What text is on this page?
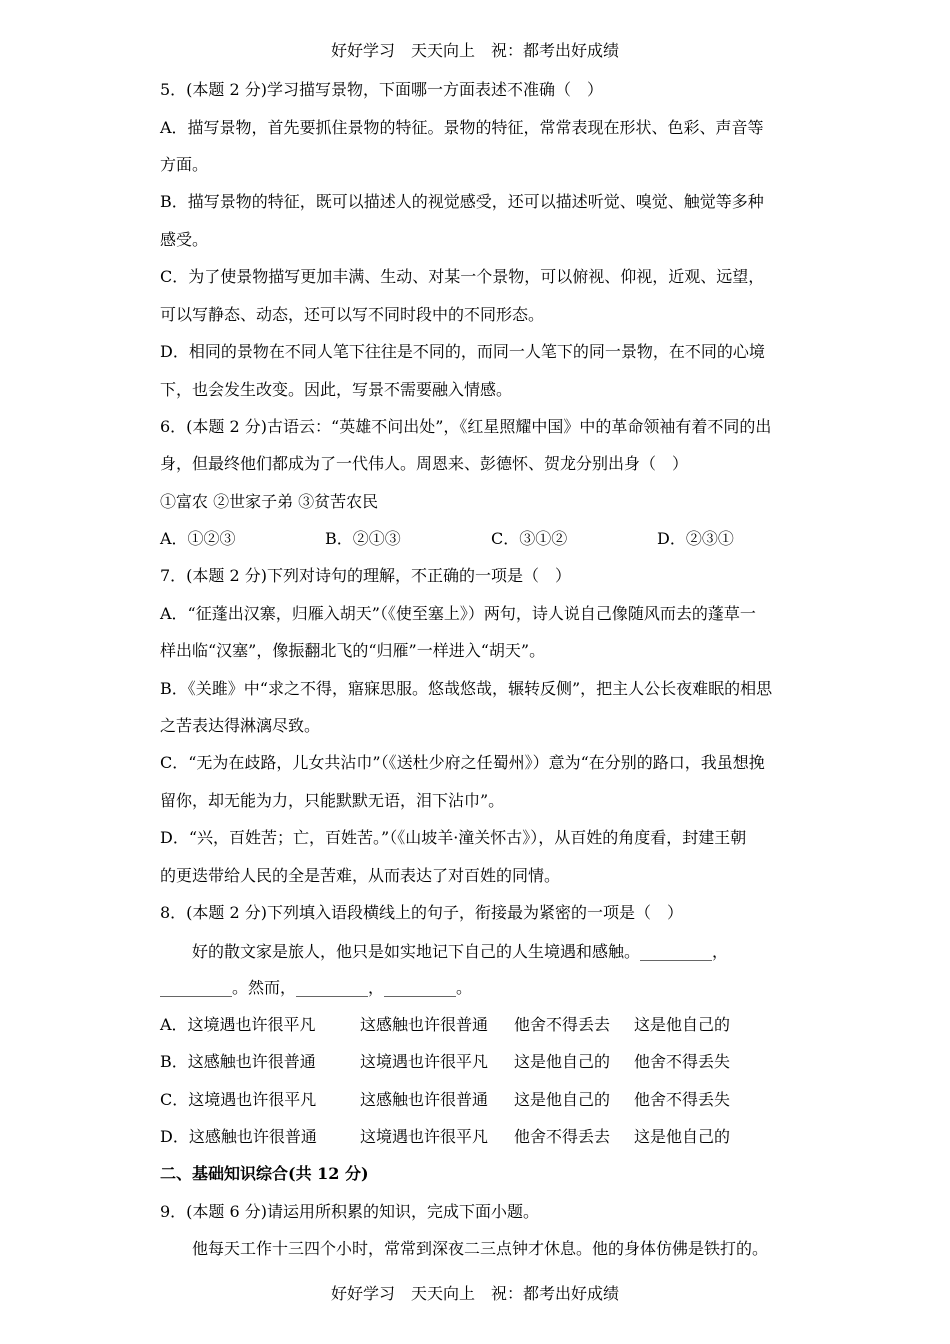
好好学习　天天向上　祝：都考出好成绩
5．(本题 2 分)学习描写景物，下面哪一方面表述不准确（　）
A．描写景物，首先要抓住景物的特征。景物的特征，常常表现在形状、色彩、声音等
方面。
B．描写景物的特征，既可以描述人的视觉感受，还可以描述听觉、嗅觉、触觉等多种
感受。
C．为了使景物描写更加丰满、生动、对某一个景物，可以俯视、仰视，近观、远望，
可以写静态、动态，还可以写不同时段中的不同形态。
D．相同的景物在不同人笔下往往是不同的，而同一人笔下的同一景物，在不同的心境
下，也会发生改变。因此，写景不需要融入情感。
6．(本题 2 分)古语云：“英雄不问出处”，《红星照耀中国》中的革命领袖有着不同的出
身，但最终他们都成为了一代伟人。周恩来、彭德怀、贺龙分别出身（　）
①富农 ②世家子弟 ③贫苦农民
A．①②③	B．②①③	C．③①②	D．②③①
7．(本题 2 分)下列对诗句的理解，不正确的一项是（　）
A．“征蓬出汉寨，归雁入胡天”（《使至塞上》）两句，诗人说自己像随风而去的蓬草一
样出临“汉塞”，像振翻北飞的“归雁”一样进入“胡天”。
B．《关雎》中“求之不得，寤寐思服。悠哉悠哉，辗转反侧”，把主人公长夜难眠的相思
之苦表达得淋漓尽致。
C．“无为在歧路，儿女共沾巾”（《送杜少府之任蜀州》）意为“在分别的路口，我虽想挽
留你，却无能为力，只能默默无语，泪下沾巾”。
D．“兴，百姓苦；亡，百姓苦。”（《山坡羊·潼关怀古》），从百姓的角度看，封建王朝
的更迭带给人民的全是苦难，从而表达了对百姓的同情。
8．(本题 2 分)下列填入语段横线上的句子，衔接最为紧密的一项是（　）
好的散文家是旅人，他只是如实地记下自己的人生境遇和感触。_________，
_________。然而，_________，_________。
A．这境遇也许很平凡	这感触也许很普通 他舍不得丢去 这是他自己的
B．这感触也许很普通	这境遇也许很平凡 这是他自己的 他舍不得丢失
C．这境遇也许很平凡	这感触也许很普通 这是他自己的 他舍不得丢失
D．这感触也许很普通	这境遇也许很平凡 他舍不得丢去 这是他自己的
二、基础知识综合(共 12 分)
9．(本题 6 分)请运用所积累的知识，完成下面小题。
他每天工作十三四个小时，常常到深夜二三点钟才休息。他的身体仿佛是铁打的。
好好学习　天天向上　祝：都考出好成绩
